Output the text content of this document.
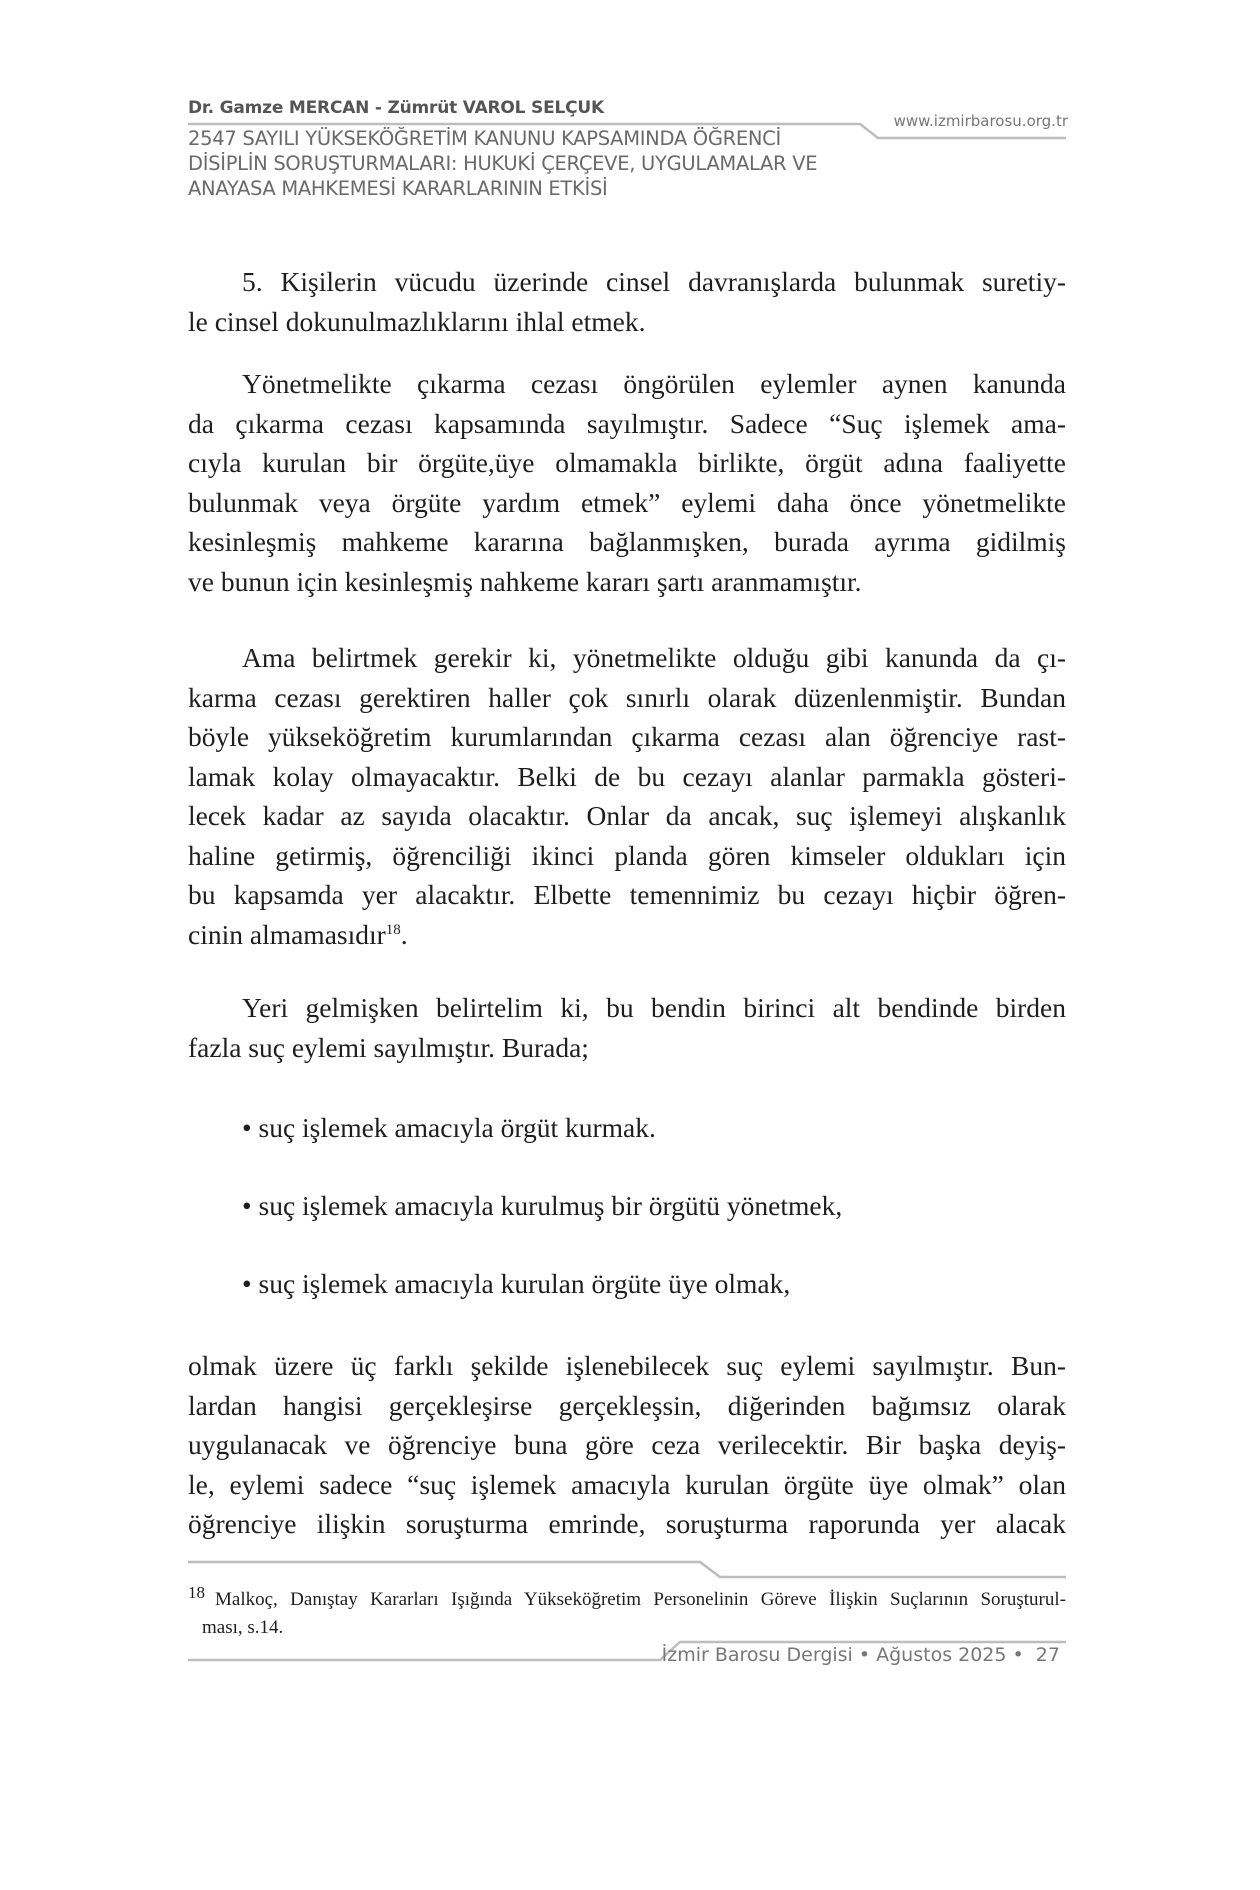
Dr. Gamze MERCAN - Zümrüt VAROL SELÇUK
2547 SAYILI YÜKSEKÖĞRETİM KANUNU KAPSAMINDA ÖĞRENCİ
DİSİPLİN SORUŞTURMALARI: HUKUKİ ÇERÇEVE, UYGULAMALAR VE
ANAYASA MAHKEMESİ KARARLARININ ETKİSİ
www.izmirbarosu.org.tr
5. Kişilerin vücudu üzerinde cinsel davranışlarda bulunmak suretiy-
le cinsel dokunulmazlıklarını ihlal etmek.
Yönetmelikte çıkarma cezası öngörülen eylemler aynen kanunda
da çıkarma cezası kapsamında sayılmıştır. Sadece “Suç işlemek ama-
cıyla kurulan bir örgüte,üye olmamakla birlikte, örgüt adına faaliyette
bulunmak veya örgüte yardım etmek” eylemi daha önce yönetmelikte
kesinleşmiş mahkeme kararına bağlanmışken, burada ayrıma gidilmiş
ve bunun için kesinleşmiş nahkeme kararı şartı aranmamıştır.
Ama belirtmek gerekir ki, yönetmelikte olduğu gibi kanunda da çı-
karma cezası gerektiren haller çok sınırlı olarak düzenlenmiştir. Bundan
böyle yükseköğretim kurumlarından çıkarma cezası alan öğrenciye rast-
lamak kolay olmayacaktır. Belki de bu cezayı alanlar parmakla gösteri-
lecek kadar az sayıda olacaktır. Onlar da ancak, suç işlemeyi alışkanlık
haline getirmiş, öğrenciliği ikinci planda gören kimseler oldukları için
bu kapsamda yer alacaktır. Elbette temennimiz bu cezayı hiçbir öğren-
cinin almamasıdır$^{18}$.
Yeri gelmişken belirtelim ki, bu bendin birinci alt bendinde birden
fazla suç eylemi sayılmıştır. Burada;
• suç işlemek amacıyla örgüt kurmak.
• suç işlemek amacıyla kurulmuş bir örgütü yönetmek,
• suç işlemek amacıyla kurulan örgüte üye olmak,
olmak üzere üç farklı şekilde işlenebilecek suç eylemi sayılmıştır. Bun-
lardan hangisi gerçekleşirse gerçekleşsin, diğerinden bağımsız olarak
uygulanacak ve öğrenciye buna göre ceza verilecektir. Bir başka deyiş-
le, eylemi sadece “suç işlemek amacıyla kurulan örgüte üye olmak” olan
öğrenciye ilişkin soruşturma emrinde, soruşturma raporunda yer alacak
18 Malkoç, Danıştay Kararları Işığında Yükseköğretim Personelinin Göreve İlişkin Suçlarının Soruşturul-
ması, s.14.
İzmir Barosu Dergisi • Ağustos 2025 •  27
